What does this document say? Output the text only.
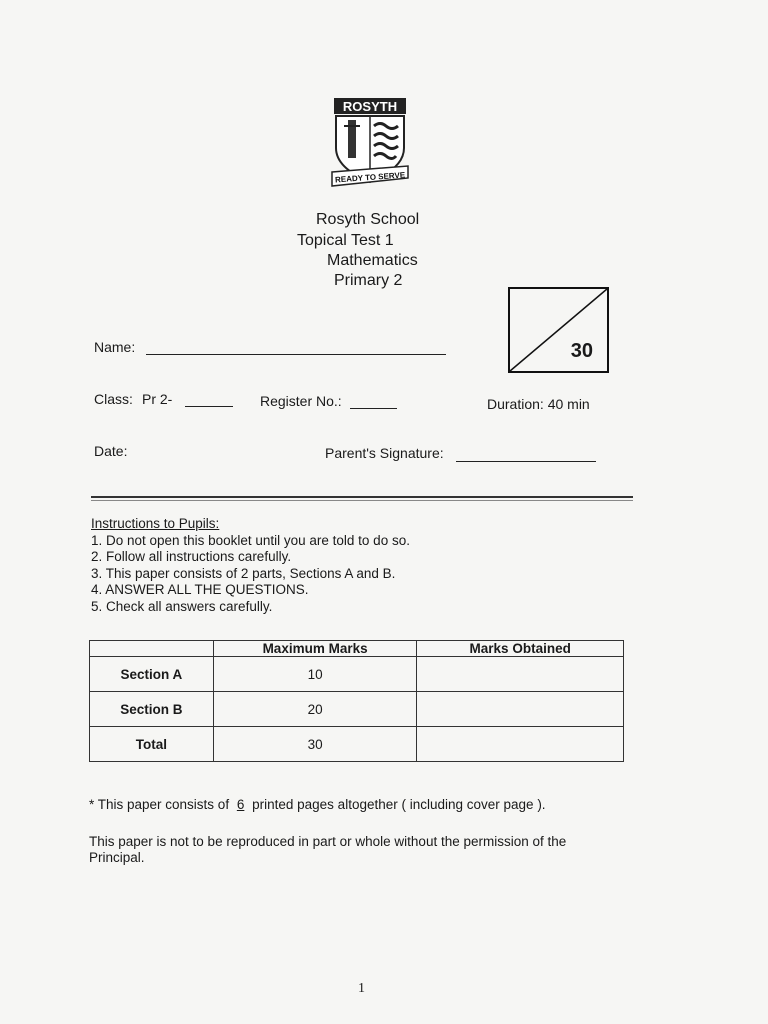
ROSYTH
READY TO SERVE
Rosyth School
Topical Test 1
Mathematics
Primary 2
30
Name:
Class: Pr 2-	Register No.:	Duration: 40 min
Date:	Parent's Signature:
Instructions to Pupils:
1. Do not open this booklet until you are told to do so.
2. Follow all instructions carefully.
3. This paper consists of 2 parts, Sections A and B.
4. ANSWER ALL THE QUESTIONS.
5. Check all answers carefully.
	Maximum Marks	Marks Obtained
Section A	10	
Section B	20	
Total	30	
* This paper consists of 6 printed pages altogether ( including cover page ).
This paper is not to be reproduced in part or whole without the permission of the Principal.
1
